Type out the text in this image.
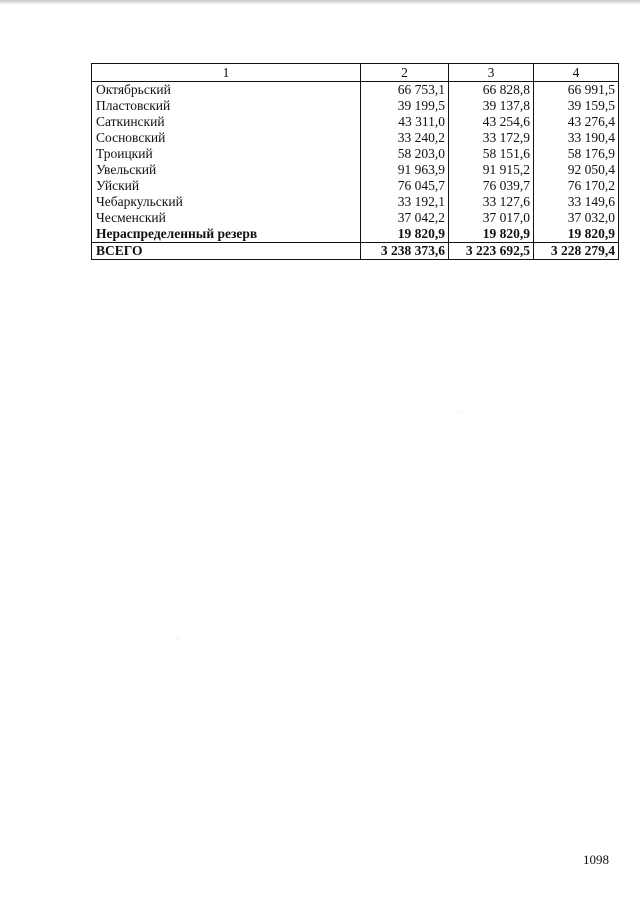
1	2	3	4
Октябрьский	66 753,1	66 828,8	66 991,5
Пластовский	39 199,5	39 137,8	39 159,5
Саткинский	43 311,0	43 254,6	43 276,4
Сосновский	33 240,2	33 172,9	33 190,4
Троицкий	58 203,0	58 151,6	58 176,9
Увельский	91 963,9	91 915,2	92 050,4
Уйский	76 045,7	76 039,7	76 170,2
Чебаркульский	33 192,1	33 127,6	33 149,6
Чесменский	37 042,2	37 017,0	37 032,0
Нераспределенный резерв	19 820,9	19 820,9	19 820,9
ВСЕГО	3 238 373,6	3 223 692,5	3 228 279,4
1098
